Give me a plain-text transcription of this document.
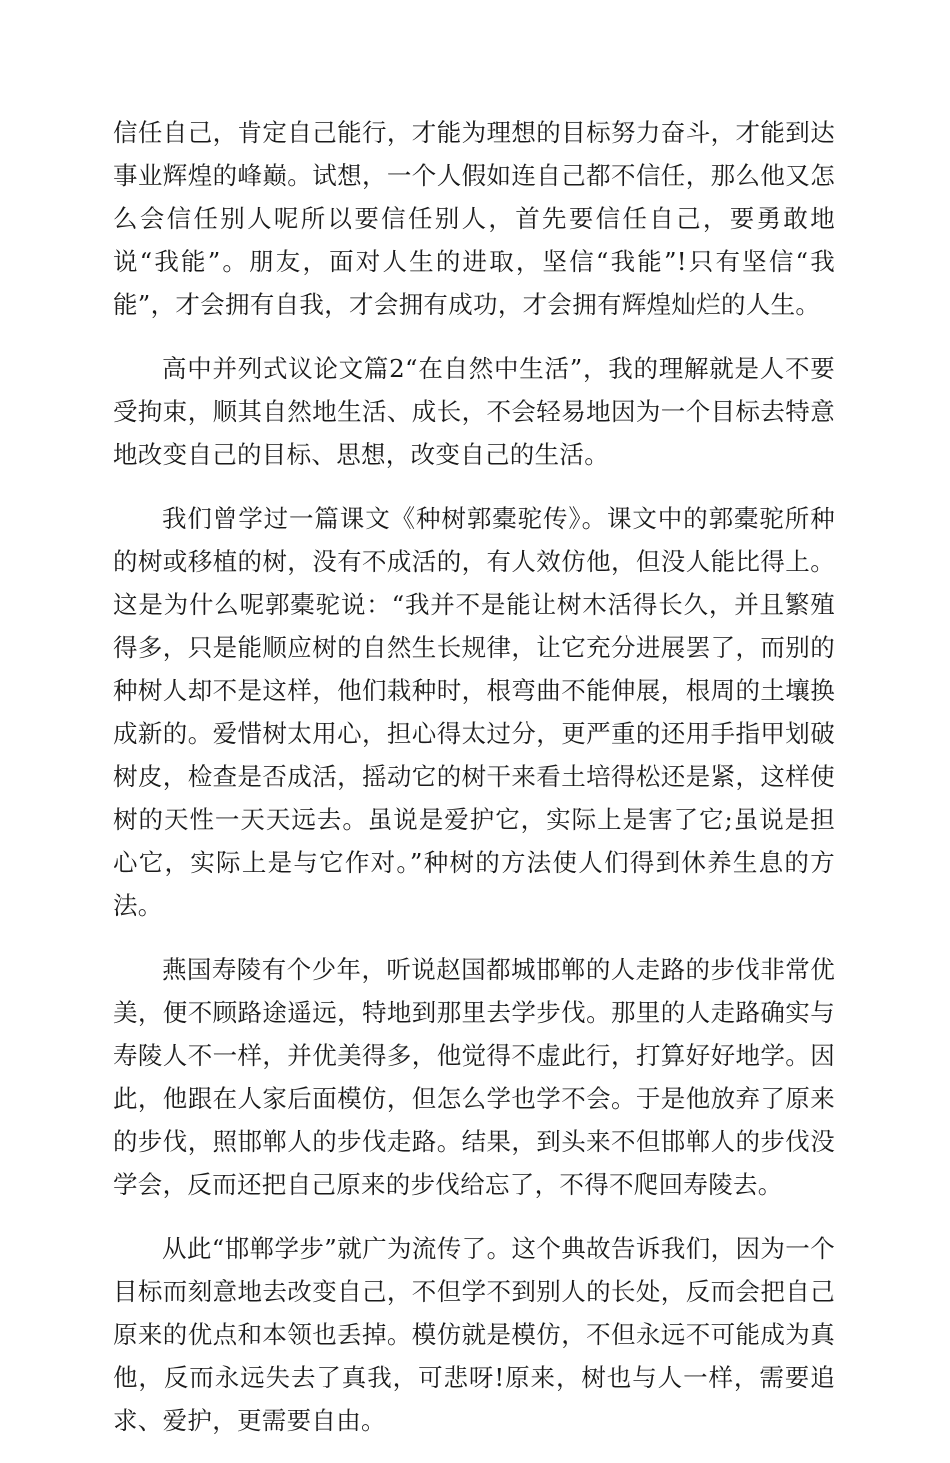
信任自己，肯定自己能行，才能为理想的目标努力奋斗，才能到达事业辉煌的峰巅。试想，一个人假如连自己都不信任，那么他又怎么会信任别人呢所以要信任别人，首先要信任自己，要勇敢地说“我能”。朋友，面对人生的进取，坚信“我能”!只有坚信“我能”，才会拥有自我，才会拥有成功，才会拥有辉煌灿烂的人生。

高中并列式议论文篇2“在自然中生活”，我的理解就是人不要受拘束，顺其自然地生活、成长，不会轻易地因为一个目标去特意地改变自己的目标、思想，改变自己的生活。

我们曾学过一篇课文《种树郭橐驼传》。课文中的郭橐驼所种的树或移植的树，没有不成活的，有人效仿他，但没人能比得上。这是为什么呢郭橐驼说：“我并不是能让树木活得长久，并且繁殖得多，只是能顺应树的自然生长规律，让它充分进展罢了，而别的种树人却不是这样，他们栽种时，根弯曲不能伸展，根周的土壤换成新的。爱惜树太用心，担心得太过分，更严重的还用手指甲划破树皮，检查是否成活，摇动它的树干来看土培得松还是紧，这样使树的天性一天天远去。虽说是爱护它，实际上是害了它;虽说是担心它，实际上是与它作对。”种树的方法使人们得到休养生息的方法。

燕国寿陵有个少年，听说赵国都城邯郸的人走路的步伐非常优美，便不顾路途遥远，特地到那里去学步伐。那里的人走路确实与寿陵人不一样，并优美得多，他觉得不虚此行，打算好好地学。因此，他跟在人家后面模仿，但怎么学也学不会。于是他放弃了原来的步伐，照邯郸人的步伐走路。结果，到头来不但邯郸人的步伐没学会，反而还把自己原来的步伐给忘了，不得不爬回寿陵去。

从此“邯郸学步”就广为流传了。这个典故告诉我们，因为一个目标而刻意地去改变自己，不但学不到别人的长处，反而会把自己原来的优点和本领也丢掉。模仿就是模仿，不但永远不可能成为真他，反而永远失去了真我，可悲呀!原来，树也与人一样，需要追求、爱护，更需要自由。
